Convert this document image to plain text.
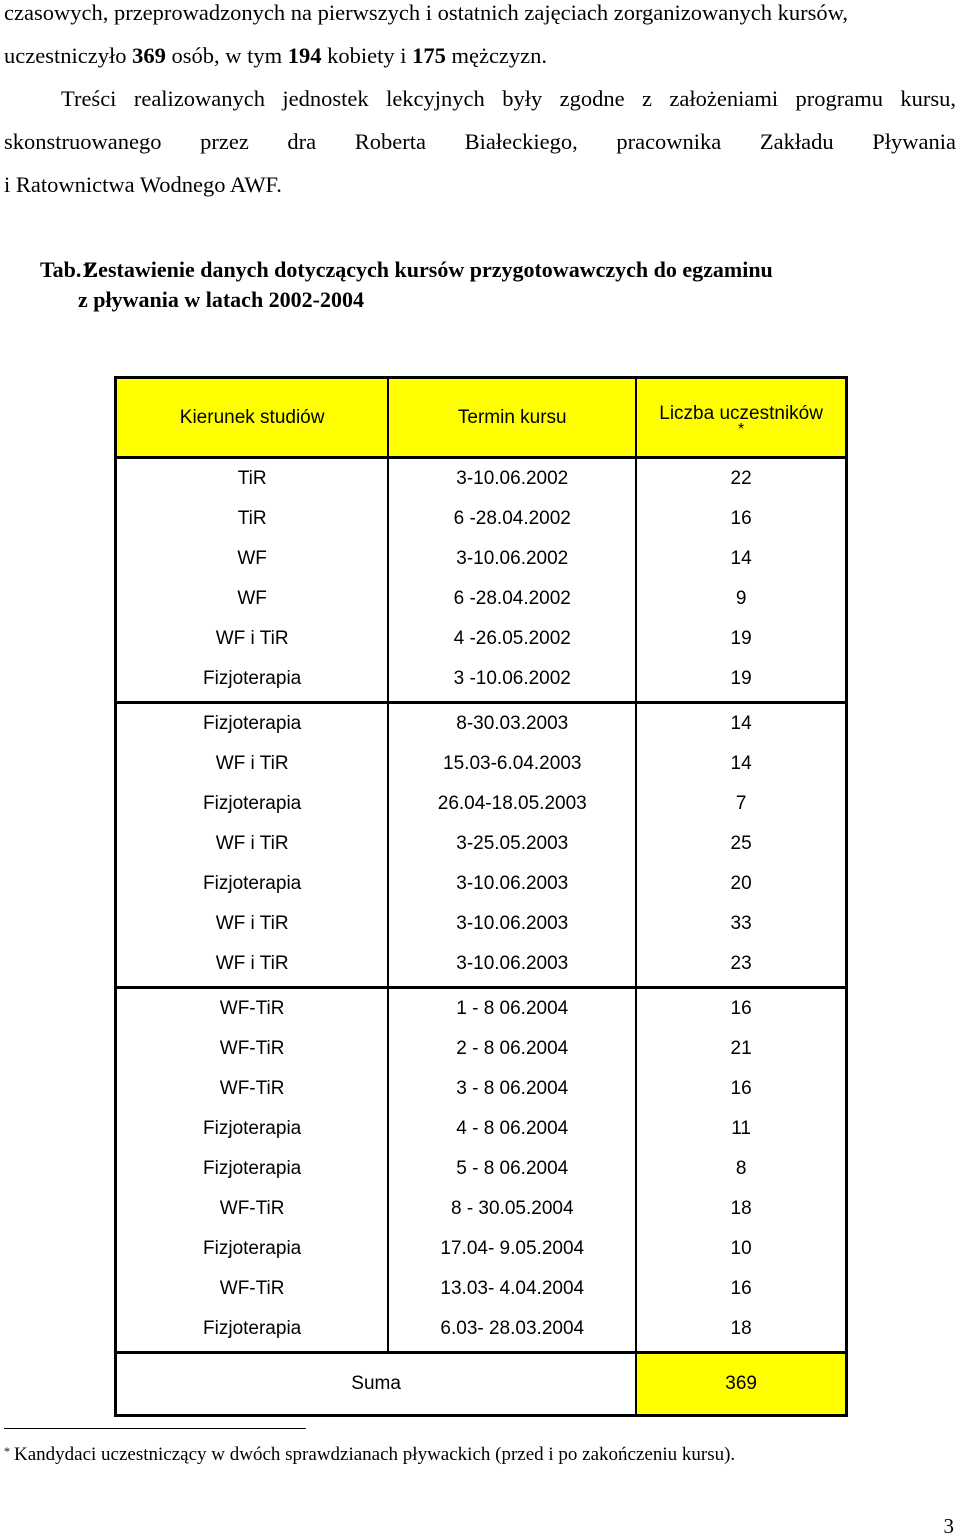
czasowych, przeprowadzonych na pierwszych i ostatnich zajęciach zorganizowanych kursów,
uczestniczyło 369 osób, w tym 194 kobiety i 175 mężczyzn.
Treści realizowanych jednostek lekcyjnych były zgodne z założeniami programu kursu,
skonstruowanego przez dra Roberta Białeckiego, pracownika Zakładu Pływania
i Ratownictwa Wodnego AWF.
Tab.1. Zestawienie danych dotyczących kursów przygotowawczych do egzaminu
z pływania w latach 2002-2004
Kierunek studiów	Termin kursu	Liczba uczestników
*

TiR	3-10.06.2002	22
TiR	6 -28.04.2002	16
WF	3-10.06.2002	14
WF	6 -28.04.2002	9
WF i TiR	4 -26.05.2002	19
Fizjoterapia	3 -10.06.2002	19
Fizjoterapia	8-30.03.2003	14
WF i TiR	15.03-6.04.2003	14
Fizjoterapia	26.04-18.05.2003	7
WF i TiR	3-25.05.2003	25
Fizjoterapia	3-10.06.2003	20
WF i TiR	3-10.06.2003	33
WF i TiR	3-10.06.2003	23
WF-TiR	1 - 8 06.2004	16
WF-TiR	2 - 8 06.2004	21
WF-TiR	3 - 8 06.2004	16
Fizjoterapia	4 - 8 06.2004	11
Fizjoterapia	5 - 8 06.2004	8
WF-TiR	8 - 30.05.2004	18
Fizjoterapia	17.04- 9.05.2004	10
WF-TiR	13.03- 4.04.2004	16
Fizjoterapia	6.03- 28.03.2004	18
Suma		369
* Kandydaci uczestniczący w dwóch sprawdzianach pływackich (przed i po zakończeniu kursu).
3
